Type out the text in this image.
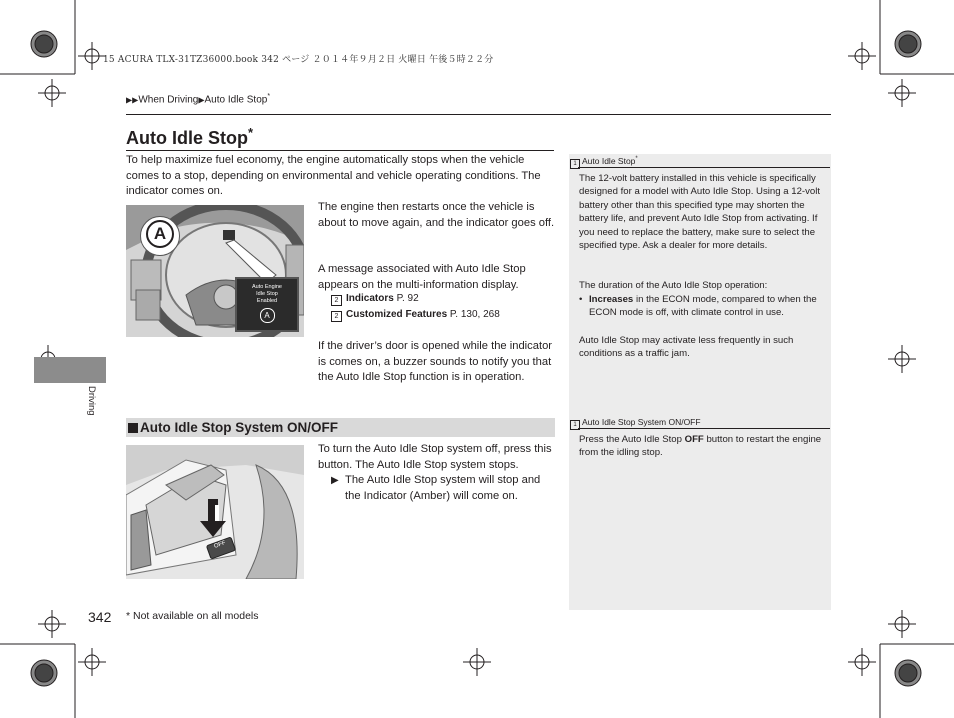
15 ACURA TLX-31TZ36000.book 342 ページ ２０１４年９月２日 火曜日 午後５時２２分
▶▶When Driving▶Auto Idle Stop*
Auto Idle Stop*
To help maximize fuel economy, the engine automatically stops when the vehicle comes to a stop, depending on environmental and vehicle operating conditions. The indicator comes on.
A
Auto Engine
Idle Stop
Enabled
A
The engine then restarts once the vehicle is about to move again, and the indicator goes off.
A message associated with Auto Idle Stop appears on the multi-information display.
2 Indicators P. 92
2 Customized Features P. 130, 268
If the driver’s door is opened while the indicator is comes on, a buzzer sounds to notify you that the Auto Idle Stop function is in operation.
Auto Idle Stop System ON/OFF
OFF
To turn the Auto Idle Stop system off, press this button. The Auto Idle Stop system stops.
▶ The Auto Idle Stop system will stop and the Indicator (Amber) will come on.
1 Auto Idle Stop*
The 12-volt battery installed in this vehicle is specifically designed for a model with Auto Idle Stop. Using a 12-volt battery other than this specified type may shorten the battery life, and prevent Auto Idle Stop from activating. If you need to replace the battery, make sure to select the specified type. Ask a dealer for more details.
The duration of the Auto Idle Stop operation:
• Increases in the ECON mode, compared to when the ECON mode is off, with climate control in use.
Auto Idle Stop may activate less frequently in such conditions as a traffic jam.
1 Auto Idle Stop System ON/OFF
Press the Auto Idle Stop OFF button to restart the engine from the idling stop.
Driving
342 * Not available on all models
